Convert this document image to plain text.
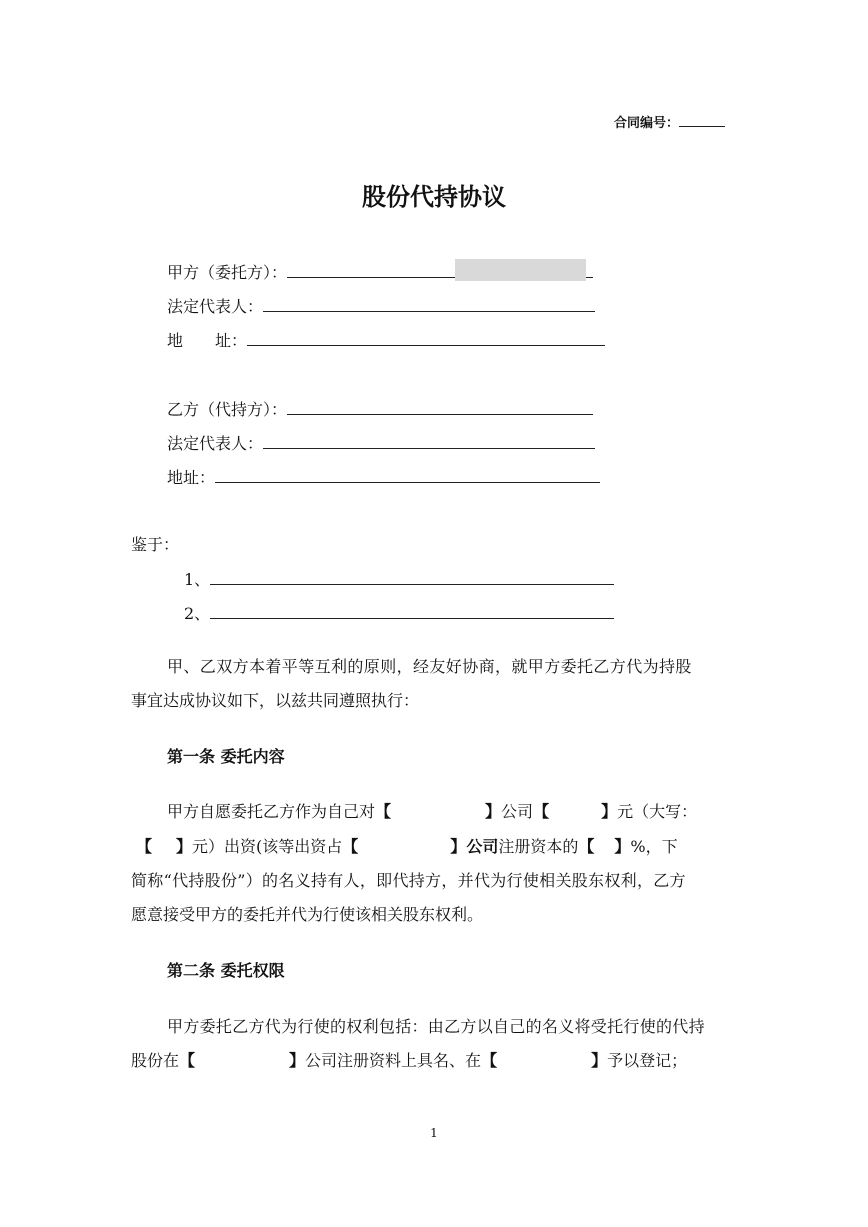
合同编号：
股份代持协议
甲方（委托方）：
法定代表人：
地　　址：
乙方（代持方）：
法定代表人：
地址：
鉴于：
1、
2、
甲、乙双方本着平等互利的原则，经友好协商，就甲方委托乙方代为持股
事宜达成协议如下，以兹共同遵照执行：
第一条 委托内容
甲方自愿委托乙方作为自己对【	】公司【	】元（大写：
【 】元）出资(该等出资占【	】公司注册资本的【 】%，下
简称“代持股份”）的名义持有人，即代持方，并代为行使相关股东权利，乙方
愿意接受甲方的委托并代为行使该相关股东权利。
第二条 委托权限
甲方委托乙方代为行使的权利包括：由乙方以自己的名义将受托行使的代持
股份在【	】公司注册资料上具名、在【	】予以登记；
1
